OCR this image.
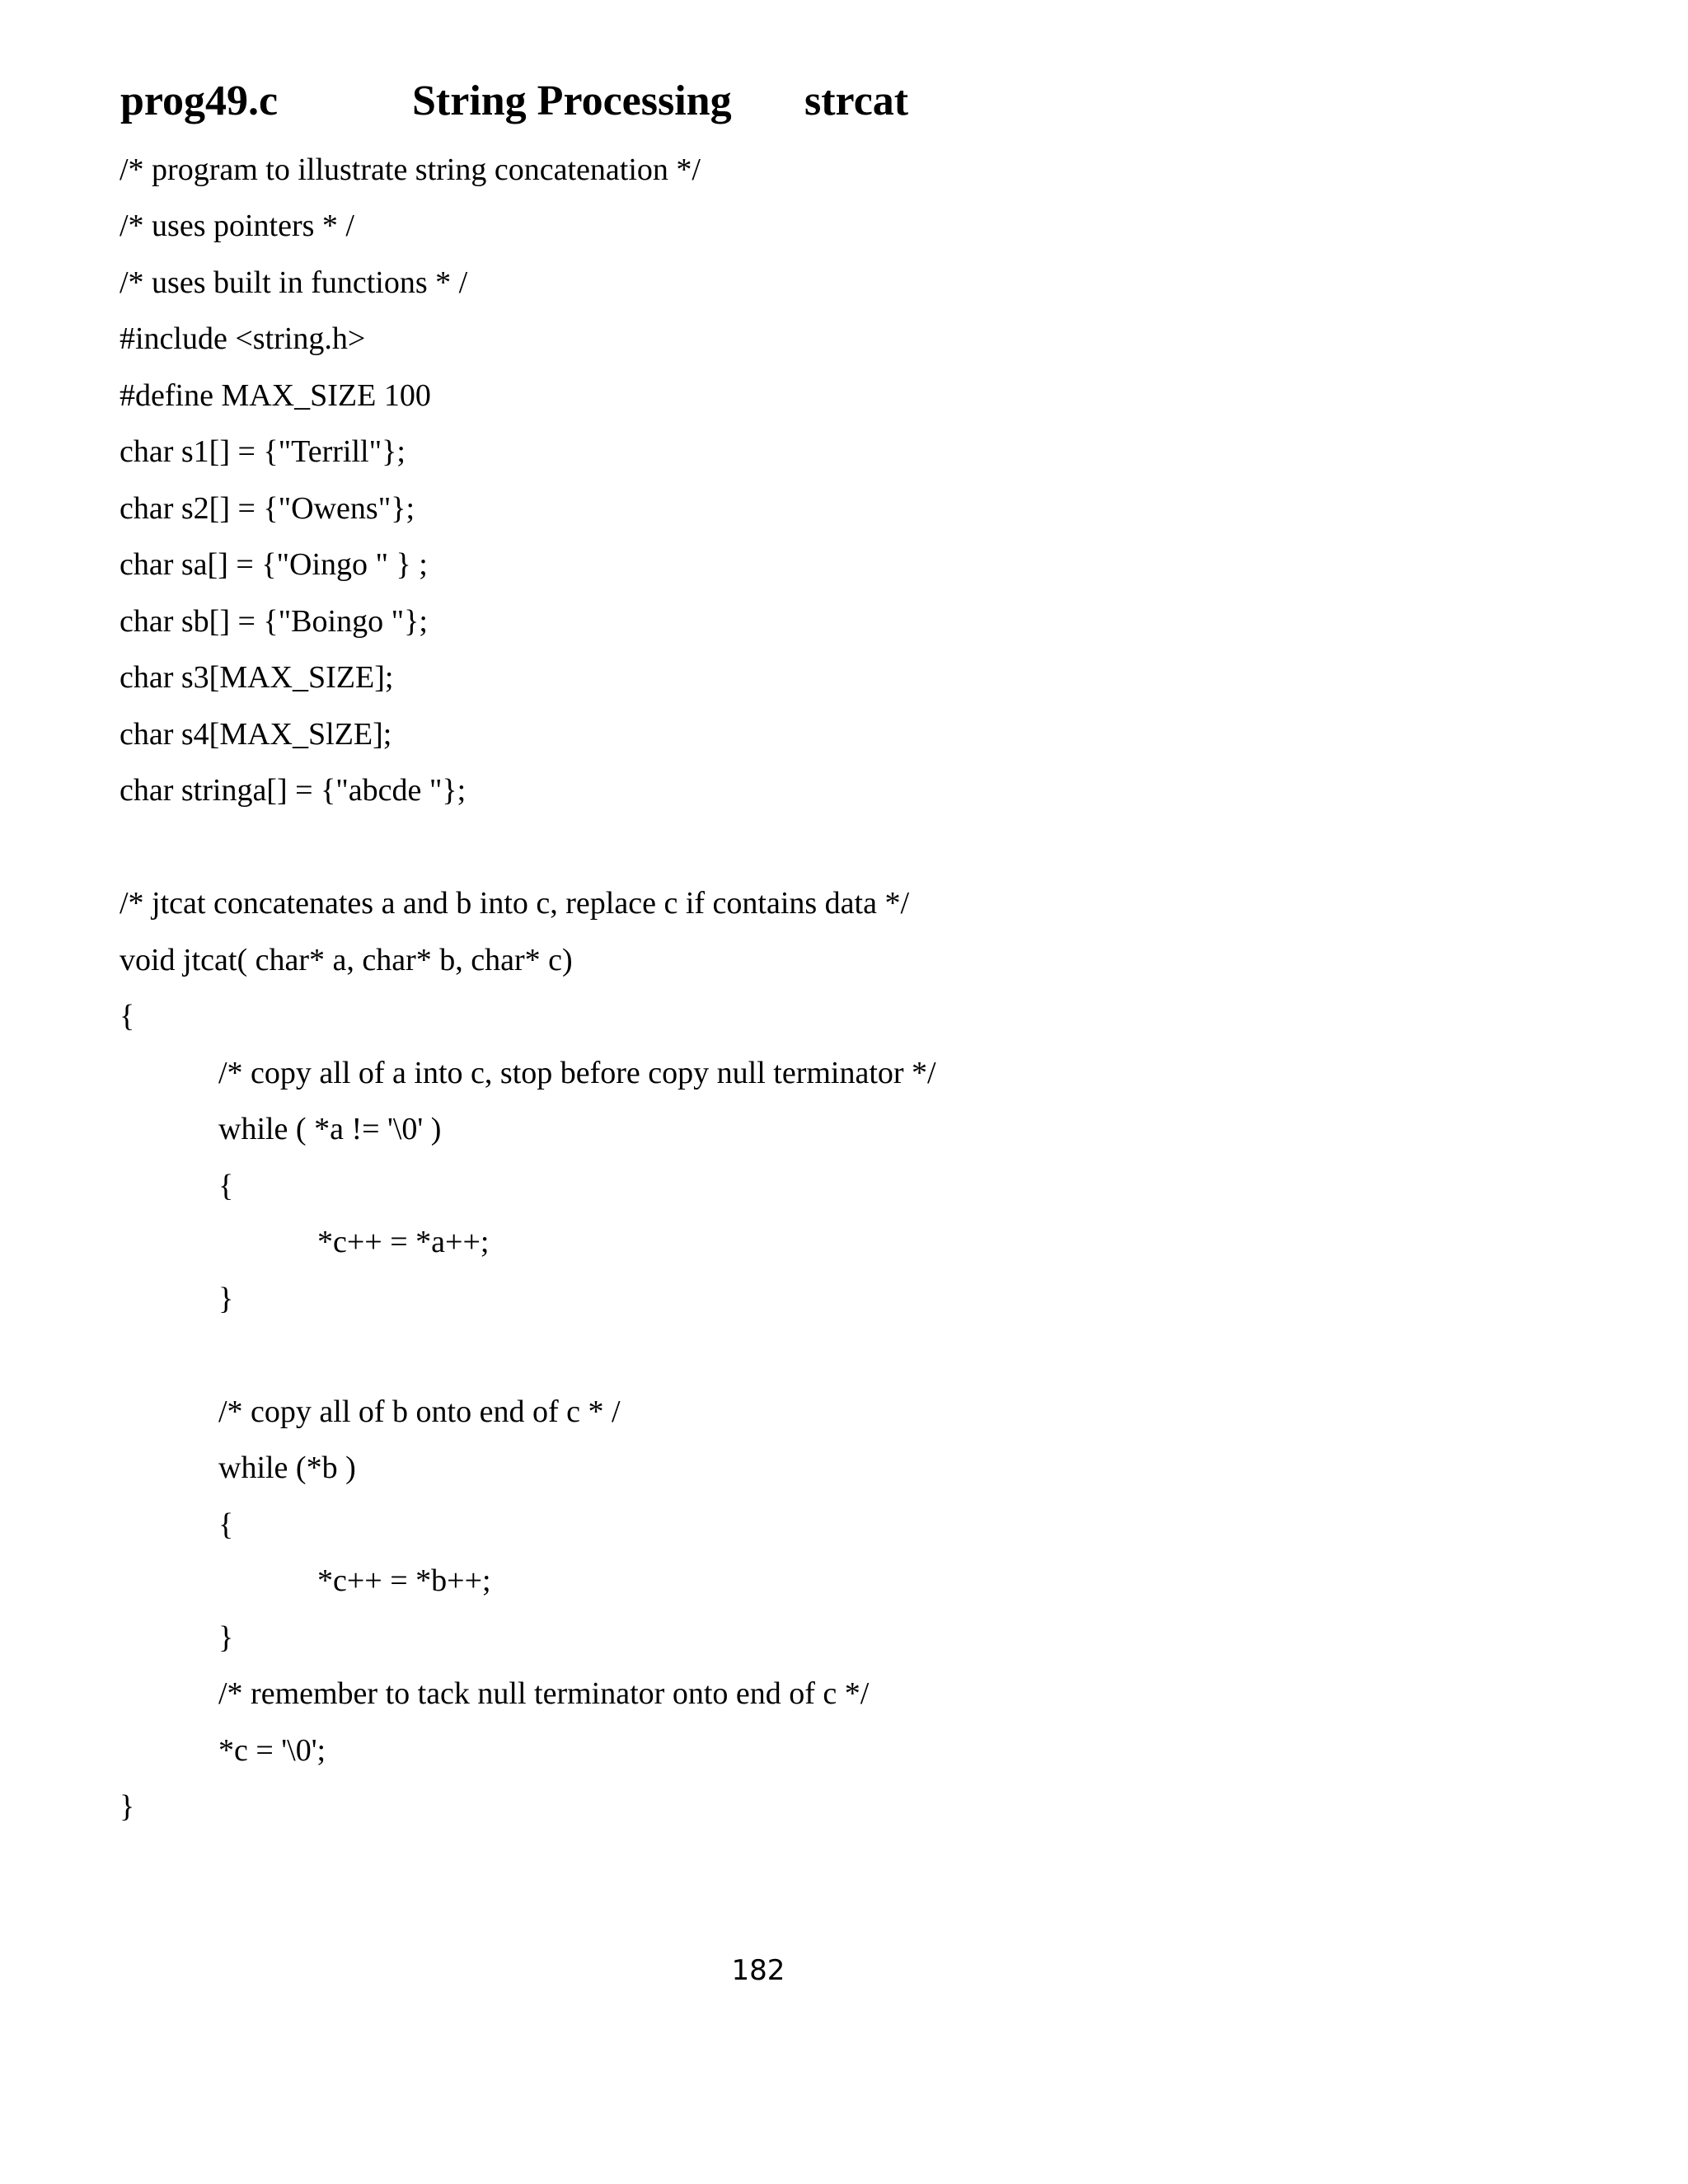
prog49.c	String Processing strcat
/* program to illustrate string concatenation */
/* uses pointers * /
/* uses built in functions * /
#include <string.h>
#define MAX_SIZE 100
char s1[] = {"Terrill"};
char s2[] = {"Owens"};
char sa[] = {"Oingo " } ;
char sb[] = {"Boingo "};
char s3[MAX_SIZE];
char s4[MAX_SlZE];
char stringa[] = {"abcde "};
/* jtcat concatenates a and b into c, replace c if contains data */
void jtcat( char* a, char* b, char* c)
{
/* copy all of a into c, stop before copy null terminator */
while ( *a != '\0' )
{
*c++ = *a++;
}
/* copy all of b onto end of c * /
while (*b )
{
*c++ = *b++;
}
/* remember to tack null terminator onto end of c */
*c = '\0';
}
182
